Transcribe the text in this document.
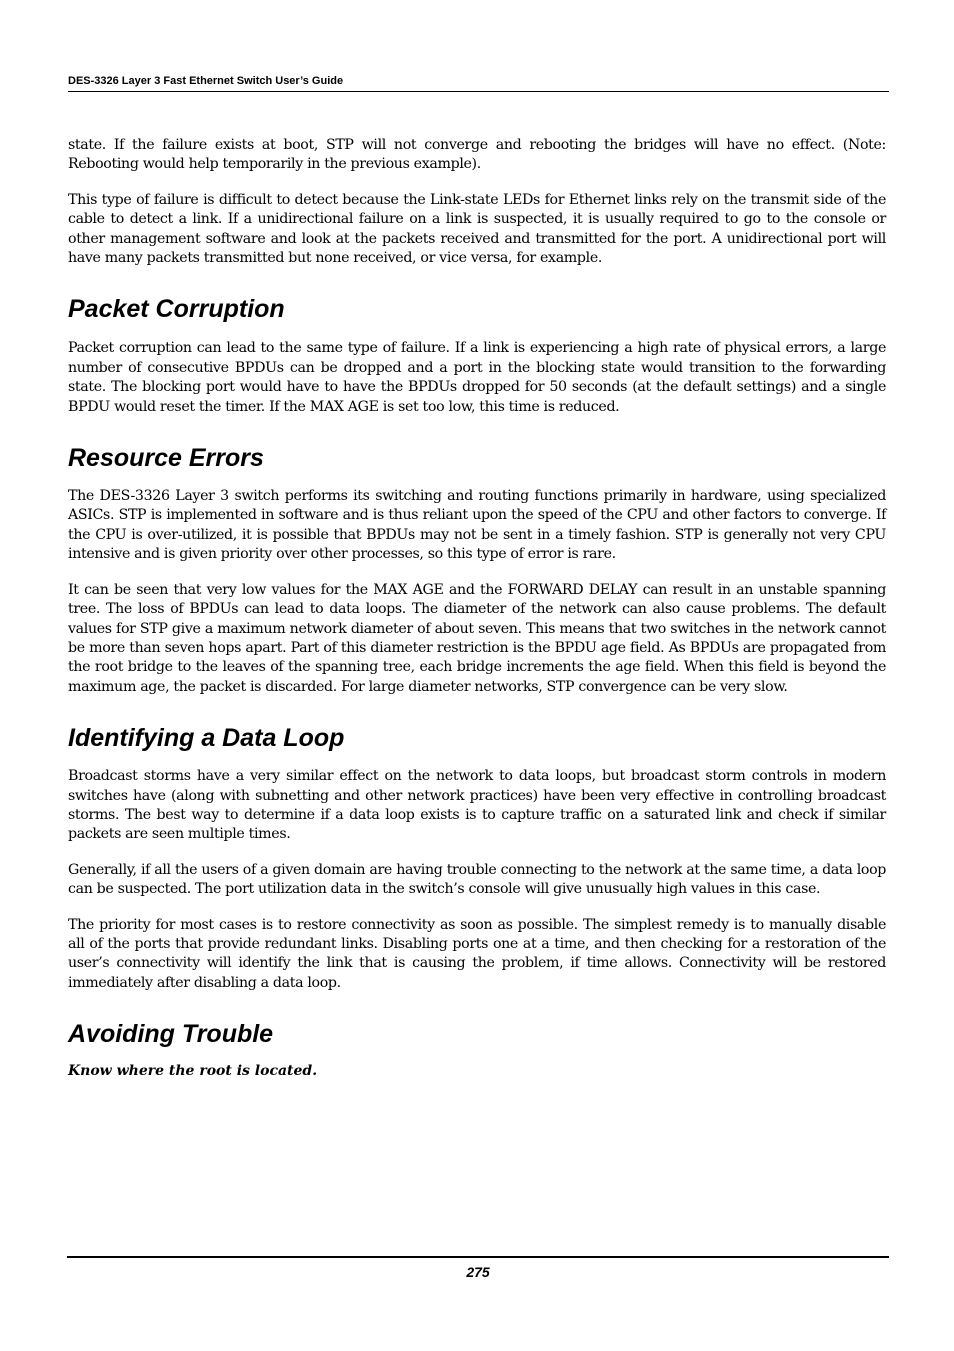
DES-3326 Layer 3 Fast Ethernet Switch User’s Guide

state. If the failure exists at boot, STP will not converge and rebooting the bridges will have no effect. (Note: Rebooting would help temporarily in the previous example).

This type of failure is difficult to detect because the Link-state LEDs for Ethernet links rely on the transmit side of the cable to detect a link. If a unidirectional failure on a link is suspected, it is usually required to go to the console or other management software and look at the packets received and transmitted for the port. A unidirectional port will have many packets transmitted but none received, or vice versa, for example.

Packet Corruption

Packet corruption can lead to the same type of failure. If a link is experiencing a high rate of physical errors, a large number of consecutive BPDUs can be dropped and a port in the blocking state would transition to the forwarding state. The blocking port would have to have the BPDUs dropped for 50 seconds (at the default settings) and a single BPDU would reset the timer. If the MAX AGE is set too low, this time is reduced.

Resource Errors

The DES-3326 Layer 3 switch performs its switching and routing functions primarily in hardware, using specialized ASICs. STP is implemented in software and is thus reliant upon the speed of the CPU and other factors to converge. If the CPU is over-utilized, it is possible that BPDUs may not be sent in a timely fashion. STP is generally not very CPU intensive and is given priority over other processes, so this type of error is rare.

It can be seen that very low values for the MAX AGE and the FORWARD DELAY can result in an unstable spanning tree. The loss of BPDUs can lead to data loops. The diameter of the network can also cause problems. The default values for STP give a maximum network diameter of about seven. This means that two switches in the network cannot be more than seven hops apart. Part of this diameter restriction is the BPDU age field. As BPDUs are propagated from the root bridge to the leaves of the spanning tree, each bridge increments the age field. When this field is beyond the maximum age, the packet is discarded. For large diameter networks, STP convergence can be very slow.

Identifying a Data Loop

Broadcast storms have a very similar effect on the network to data loops, but broadcast storm controls in modern switches have (along with subnetting and other network practices) have been very effective in controlling broadcast storms. The best way to determine if a data loop exists is to capture traffic on a saturated link and check if similar packets are seen multiple times.

Generally, if all the users of a given domain are having trouble connecting to the network at the same time, a data loop can be suspected. The port utilization data in the switch’s console will give unusually high values in this case.

The priority for most cases is to restore connectivity as soon as possible. The simplest remedy is to manually disable all of the ports that provide redundant links. Disabling ports one at a time, and then checking for a restoration of the user’s connectivity will identify the link that is causing the problem, if time allows. Connectivity will be restored immediately after disabling a data loop.

Avoiding Trouble

Know where the root is located.

275
